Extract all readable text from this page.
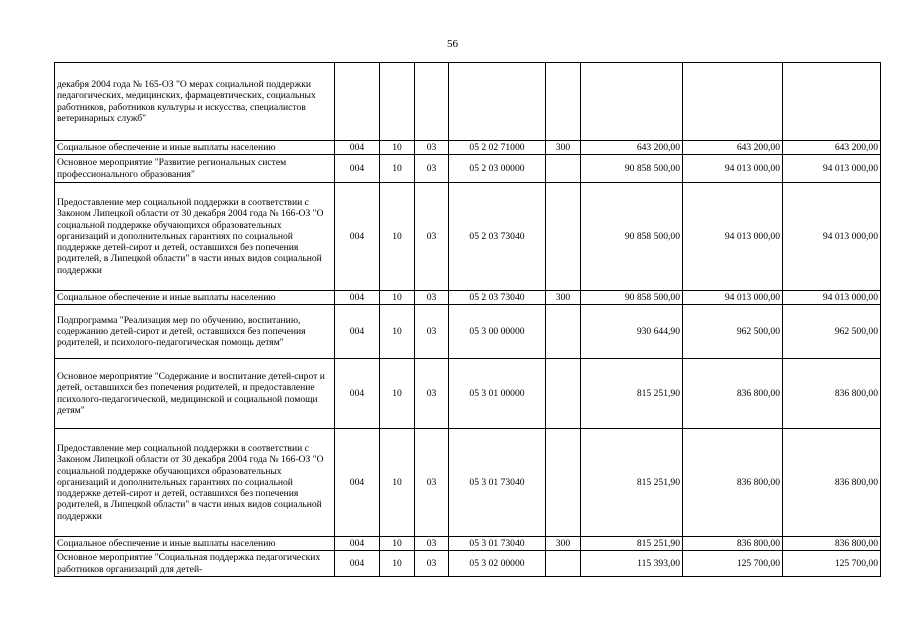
56
декабря 2004 года № 165-ОЗ "О мерах социальной поддержки педагогических, медицинских, фармацевтических, социальных работников, работников культуры и искусства, специалистов ветеринарных служб"								
Социальное обеспечение и иные выплаты населению	004	10	03	05 2 02 71000	300	643 200,00	643 200,00	643 200,00
Основное мероприятие "Развитие региональных систем профессионального образования"	004	10	03	05 2 03 00000		90 858 500,00	94 013 000,00	94 013 000,00
Предоставление мер социальной поддержки в соответствии с Законом Липецкой области от 30 декабря 2004 года № 166-ОЗ "О социальной поддержке обучающихся образовательных организаций и дополнительных гарантиях по социальной поддержке детей-сирот и детей, оставшихся без попечения родителей, в Липецкой области" в части иных видов социальной поддержки	004	10	03	05 2 03 73040		90 858 500,00	94 013 000,00	94 013 000,00
Социальное обеспечение и иные выплаты населению	004	10	03	05 2 03 73040	300	90 858 500,00	94 013 000,00	94 013 000,00
Подпрограмма "Реализация мер по обучению, воспитанию, содержанию детей-сирот и детей, оставшихся без попечения родителей, и психолого-педагогическая помощь детям"	004	10	03	05 3 00 00000		930 644,90	962 500,00	962 500,00
Основное мероприятие "Содержание и воспитание детей-сирот и детей, оставшихся без попечения родителей, и предоставление психолого-педагогической, медицинской и социальной помощи детям"	004	10	03	05 3 01 00000		815 251,90	836 800,00	836 800,00
Предоставление мер социальной поддержки в соответствии с Законом Липецкой области от 30 декабря 2004 года № 166-ОЗ "О социальной поддержке обучающихся образовательных организаций и дополнительных гарантиях по социальной поддержке детей-сирот и детей, оставшихся без попечения родителей, в Липецкой области" в части иных видов социальной поддержки	004	10	03	05 3 01 73040		815 251,90	836 800,00	836 800,00
Социальное обеспечение и иные выплаты населению	004	10	03	05 3 01 73040	300	815 251,90	836 800,00	836 800,00
Основное мероприятие "Социальная поддержка педагогических работников организаций для детей-	004	10	03	05 3 02 00000		115 393,00	125 700,00	125 700,00
